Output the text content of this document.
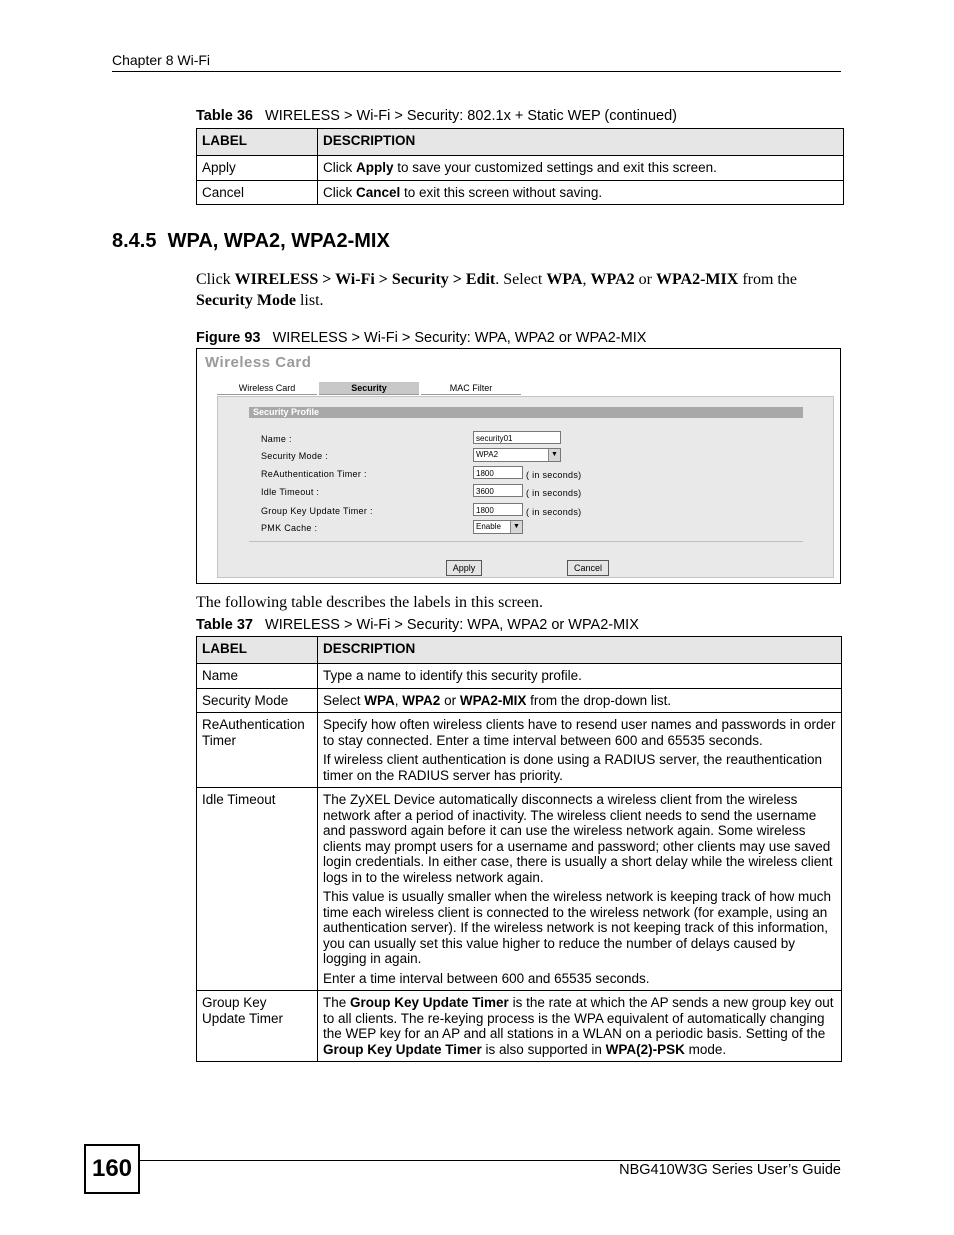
Chapter 8 Wi-Fi
Table 36 WIRELESS > Wi-Fi > Security: 802.1x + Static WEP (continued)
LABEL	DESCRIPTION
Apply	Click Apply to save your customized settings and exit this screen.
Cancel	Click Cancel to exit this screen without saving.
8.4.5  WPA, WPA2, WPA2-MIX
Click WIRELESS > Wi-Fi > Security > Edit. Select WPA, WPA2 or WPA2-MIX from the Security Mode list.
Figure 93 WIRELESS > Wi-Fi > Security: WPA, WPA2 or WPA2-MIX
Wireless Card
Wireless Card	Security	MAC Filter
Security Profile
Name :	security01
Security Mode :	WPA2	▼
ReAuthentication Timer :	1800	( in seconds)
Idle Timeout :	3600	( in seconds)
Group Key Update Timer :	1800	( in seconds)
PMK Cache :	Enable	▼
Apply	Cancel
The following table describes the labels in this screen.
Table 37 WIRELESS > Wi-Fi > Security: WPA, WPA2 or WPA2-MIX
LABEL	DESCRIPTION
Name	Type a name to identify this security profile.
Security Mode	Select WPA, WPA2 or WPA2-MIX from the drop-down list.
ReAuthentication Timer	Specify how often wireless clients have to resend user names and passwords in order to stay connected. Enter a time interval between 600 and 65535 seconds.

If wireless client authentication is done using a RADIUS server, the reauthentication timer on the RADIUS server has priority.

Idle Timeout	The ZyXEL Device automatically disconnects a wireless client from the wireless network after a period of inactivity. The wireless client needs to send the username and password again before it can use the wireless network again. Some wireless clients may prompt users for a username and password; other clients may use saved login credentials. In either case, there is usually a short delay while the wireless client logs in to the wireless network again.

This value is usually smaller when the wireless network is keeping track of how much time each wireless client is connected to the wireless network (for example, using an authentication server). If the wireless network is not keeping track of this information, you can usually set this value higher to reduce the number of delays caused by logging in again.

Enter a time interval between 600 and 65535 seconds.

Group Key Update Timer	The Group Key Update Timer is the rate at which the AP sends a new group key out to all clients. The re-keying process is the WPA equivalent of automatically changing the WEP key for an AP and all stations in a WLAN on a periodic basis. Setting of the Group Key Update Timer is also supported in WPA(2)-PSK mode.
160	NBG410W3G Series User’s Guide
